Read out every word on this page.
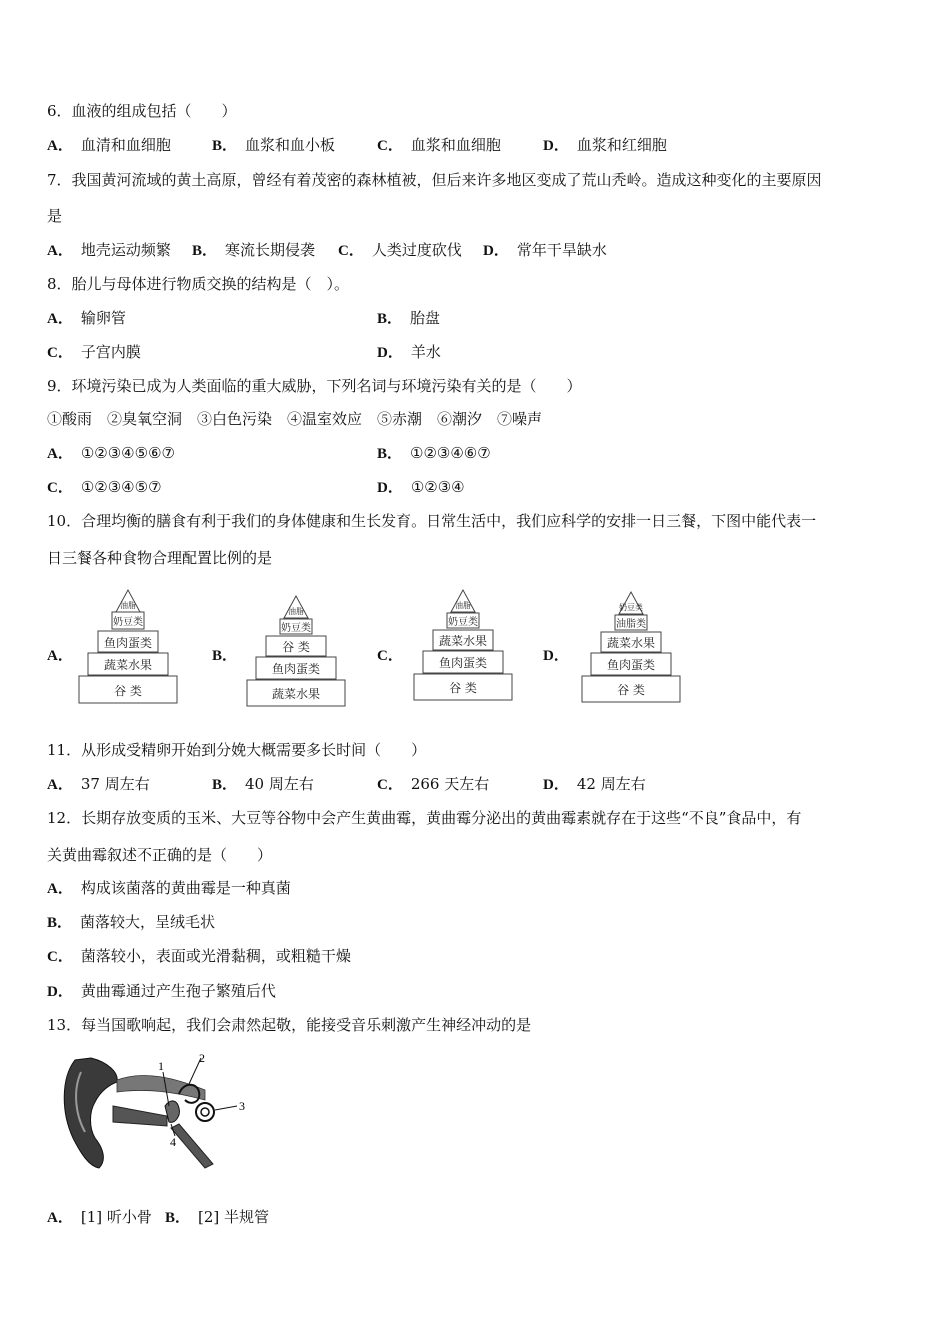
6．血液的组成包括（　　）
A． 血清和血细胞	B． 血浆和血小板	C． 血浆和血细胞	D． 血浆和红细胞
7．我国黄河流域的黄土高原，曾经有着茂密的森林植被，但后来许多地区变成了荒山秃岭。造成这种变化的主要原因
是
A． 地壳运动频繁 B． 寒流长期侵袭 C． 人类过度砍伐 D． 常年干旱缺水
8．胎儿与母体进行物质交换的结构是（　）。
A． 输卵管	B． 胎盘
C． 子宫内膜	D． 羊水
9．环境污染已成为人类面临的重大威胁，下列名词与环境污染有关的是（　　）
①酸雨　②臭氧空洞　③白色污染　④温室效应　⑤赤潮　⑥潮汐　⑦噪声
A． ①②③④⑤⑥⑦	B． ①②③④⑥⑦
C． ①②③④⑤⑦	D． ①②③④
10．合理均衡的膳食有利于我们的身体健康和生长发育。日常生活中，我们应科学的安排一日三餐，下图中能代表一
日三餐各种食物合理配置比例的是
A．	B．	C．	D．
油脂
奶豆类
鱼肉蛋类
蔬菜水果
谷 类
油脂
奶豆类
谷 类
鱼肉蛋类
蔬菜水果
油脂
奶豆类
蔬菜水果
鱼肉蛋类
谷 类
奶豆类
油脂类
蔬菜水果
鱼肉蛋类
谷 类
11．从形成受精卵开始到分娩大概需要多长时间（　　）
A． 37 周左右	B． 40 周左右	C． 266 天左右	D． 42 周左右
12．长期存放变质的玉米、大豆等谷物中会产生黄曲霉，黄曲霉分泌出的黄曲霉素就存在于这些“不良”食品中，有
关黄曲霉叙述不正确的是（　　）
A． 构成该菌落的黄曲霉是一种真菌
B． 菌落较大，呈绒毛状
C． 菌落较小，表面或光滑黏稠，或粗糙干燥
D． 黄曲霉通过产生孢子繁殖后代
13．每当国歌响起，我们会肃然起敬，能接受音乐刺激产生神经冲动的是
1
2
3
4
A． [1] 听小骨 B． [2] 半规管
